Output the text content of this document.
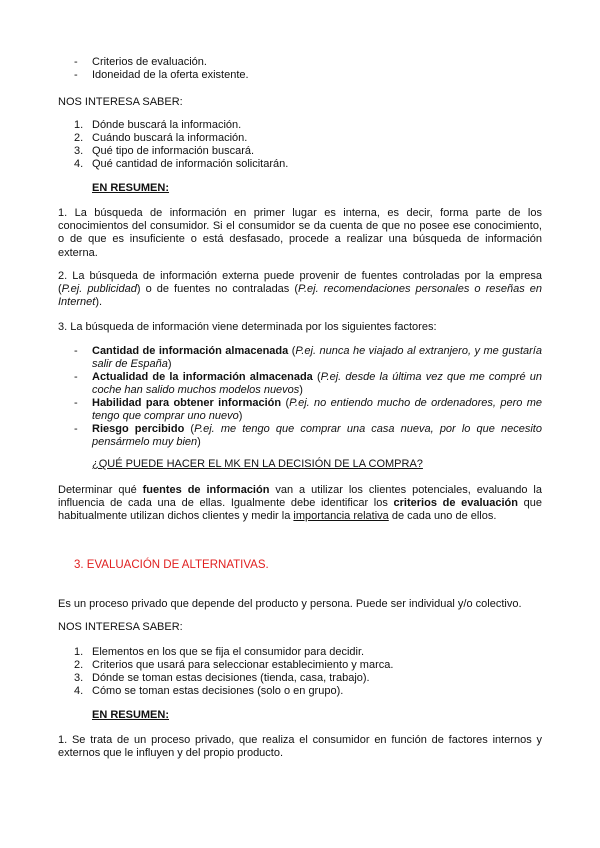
- Criterios de evaluación.
- Idoneidad de la oferta existente.
NOS INTERESA SABER:
1. Dónde buscará la información.
2. Cuándo buscará la información.
3. Qué tipo de información buscará.
4. Qué cantidad de información solicitarán.
EN RESUMEN:
1. La búsqueda de información en primer lugar es interna, es decir, forma parte de los conocimientos del consumidor. Si el consumidor se da cuenta de que no posee ese conocimiento, o de que es insuficiente o está desfasado, procede a realizar una búsqueda de información externa.
2. La búsqueda de información externa puede provenir de fuentes controladas por la empresa (P.ej. publicidad) o de fuentes no contraladas (P.ej. recomendaciones personales o reseñas en Internet).
3. La búsqueda de información viene determinada por los siguientes factores:
- Cantidad de información almacenada (P.ej. nunca he viajado al extranjero, y me gustaría salir de España)
- Actualidad de la información almacenada (P.ej. desde la última vez que me compré un coche han salido muchos modelos nuevos)
- Habilidad para obtener información (P.ej. no entiendo mucho de ordenadores, pero me tengo que comprar uno nuevo)
- Riesgo percibido (P.ej. me tengo que comprar una casa nueva, por lo que necesito pensármelo muy bien)
¿QUÉ PUEDE HACER EL MK EN LA DECISIÓN DE LA COMPRA?
Determinar qué fuentes de información van a utilizar los clientes potenciales, evaluando la influencia de cada una de ellas. Igualmente debe identificar los criterios de evaluación que habitualmente utilizan dichos clientes y medir la importancia relativa de cada uno de ellos.
3. EVALUACIÓN DE ALTERNATIVAS.
Es un proceso privado que depende del producto y persona. Puede ser individual y/o colectivo.
NOS INTERESA SABER:
1. Elementos en los que se fija el consumidor para decidir.
2. Criterios que usará para seleccionar establecimiento y marca.
3. Dónde se toman estas decisiones (tienda, casa, trabajo).
4. Cómo se toman estas decisiones (solo o en grupo).
EN RESUMEN:
1. Se trata de un proceso privado, que realiza el consumidor en función de factores internos y externos que le influyen y del propio producto.
